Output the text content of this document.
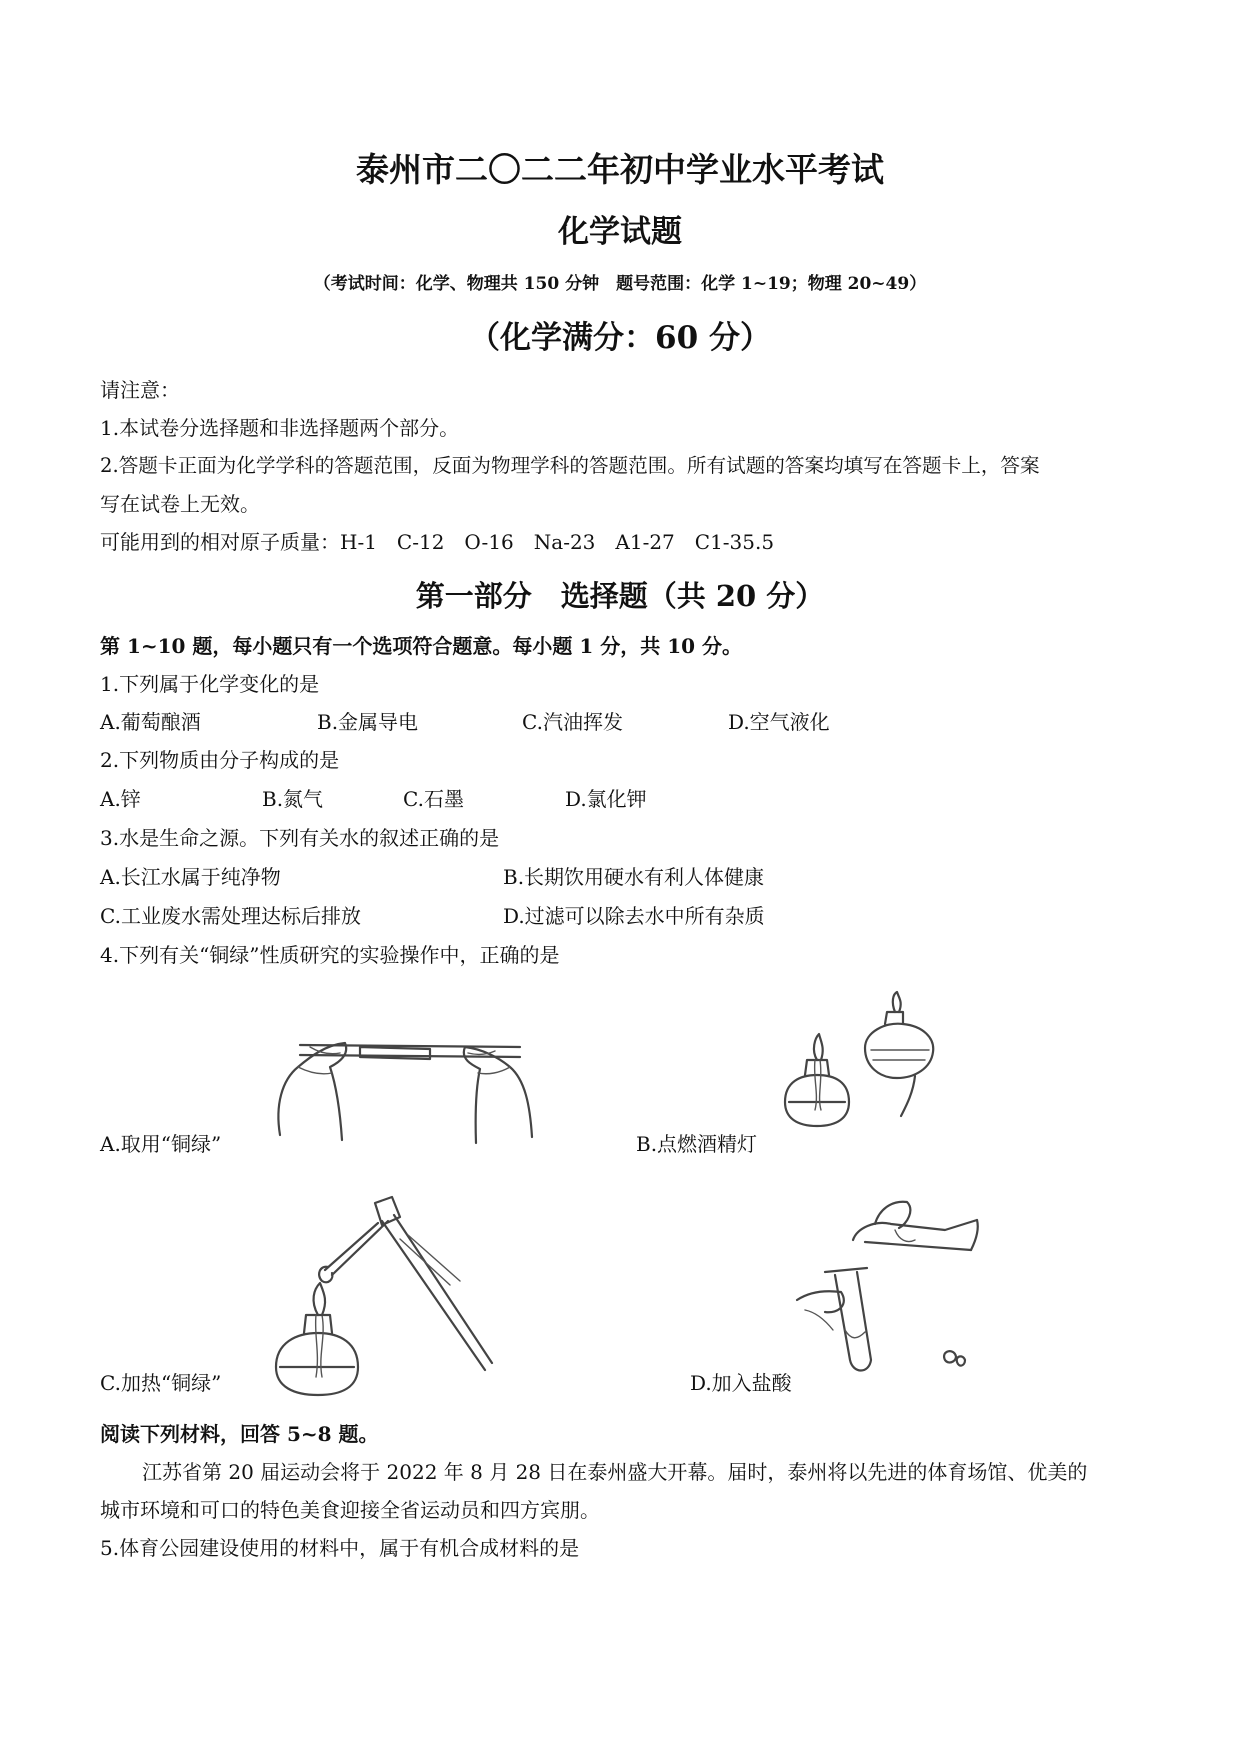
泰州市二〇二二年初中学业水平考试
化学试题
（考试时间：化学、物理共 150 分钟　题号范围：化学 1~19；物理 20~49）
（化学满分：60 分）
请注意：
1.本试卷分选择题和非选择题两个部分。
2.答题卡正面为化学学科的答题范围，反面为物理学科的答题范围。所有试题的答案均填写在答题卡上，答案
写在试卷上无效。
可能用到的相对原子质量：H-1　C-12　O-16　Na-23　A1-27　C1-35.5
第一部分　选择题（共 20 分）
第 1~10 题，每小题只有一个选项符合题意。每小题 1 分，共 10 分。
1.下列属于化学变化的是
A.葡萄酿酒	B.金属导电	C.汽油挥发	D.空气液化
2.下列物质由分子构成的是
A.锌	B.氮气	C.石墨	D.氯化钾
3.水是生命之源。下列有关水的叙述正确的是
A.长江水属于纯净物	B.长期饮用硬水有利人体健康
C.工业废水需处理达标后排放	D.过滤可以除去水中所有杂质
4.下列有关“铜绿”性质研究的实验操作中，正确的是
A.取用“铜绿”	B.点燃酒精灯
C.加热“铜绿”	D.加入盐酸
阅读下列材料，回答 5~8 题。
江苏省第 20 届运动会将于 2022 年 8 月 28 日在泰州盛大开幕。届时，泰州将以先进的体育场馆、优美的
城市环境和可口的特色美食迎接全省运动员和四方宾朋。
5.体育公园建设使用的材料中，属于有机合成材料的是
